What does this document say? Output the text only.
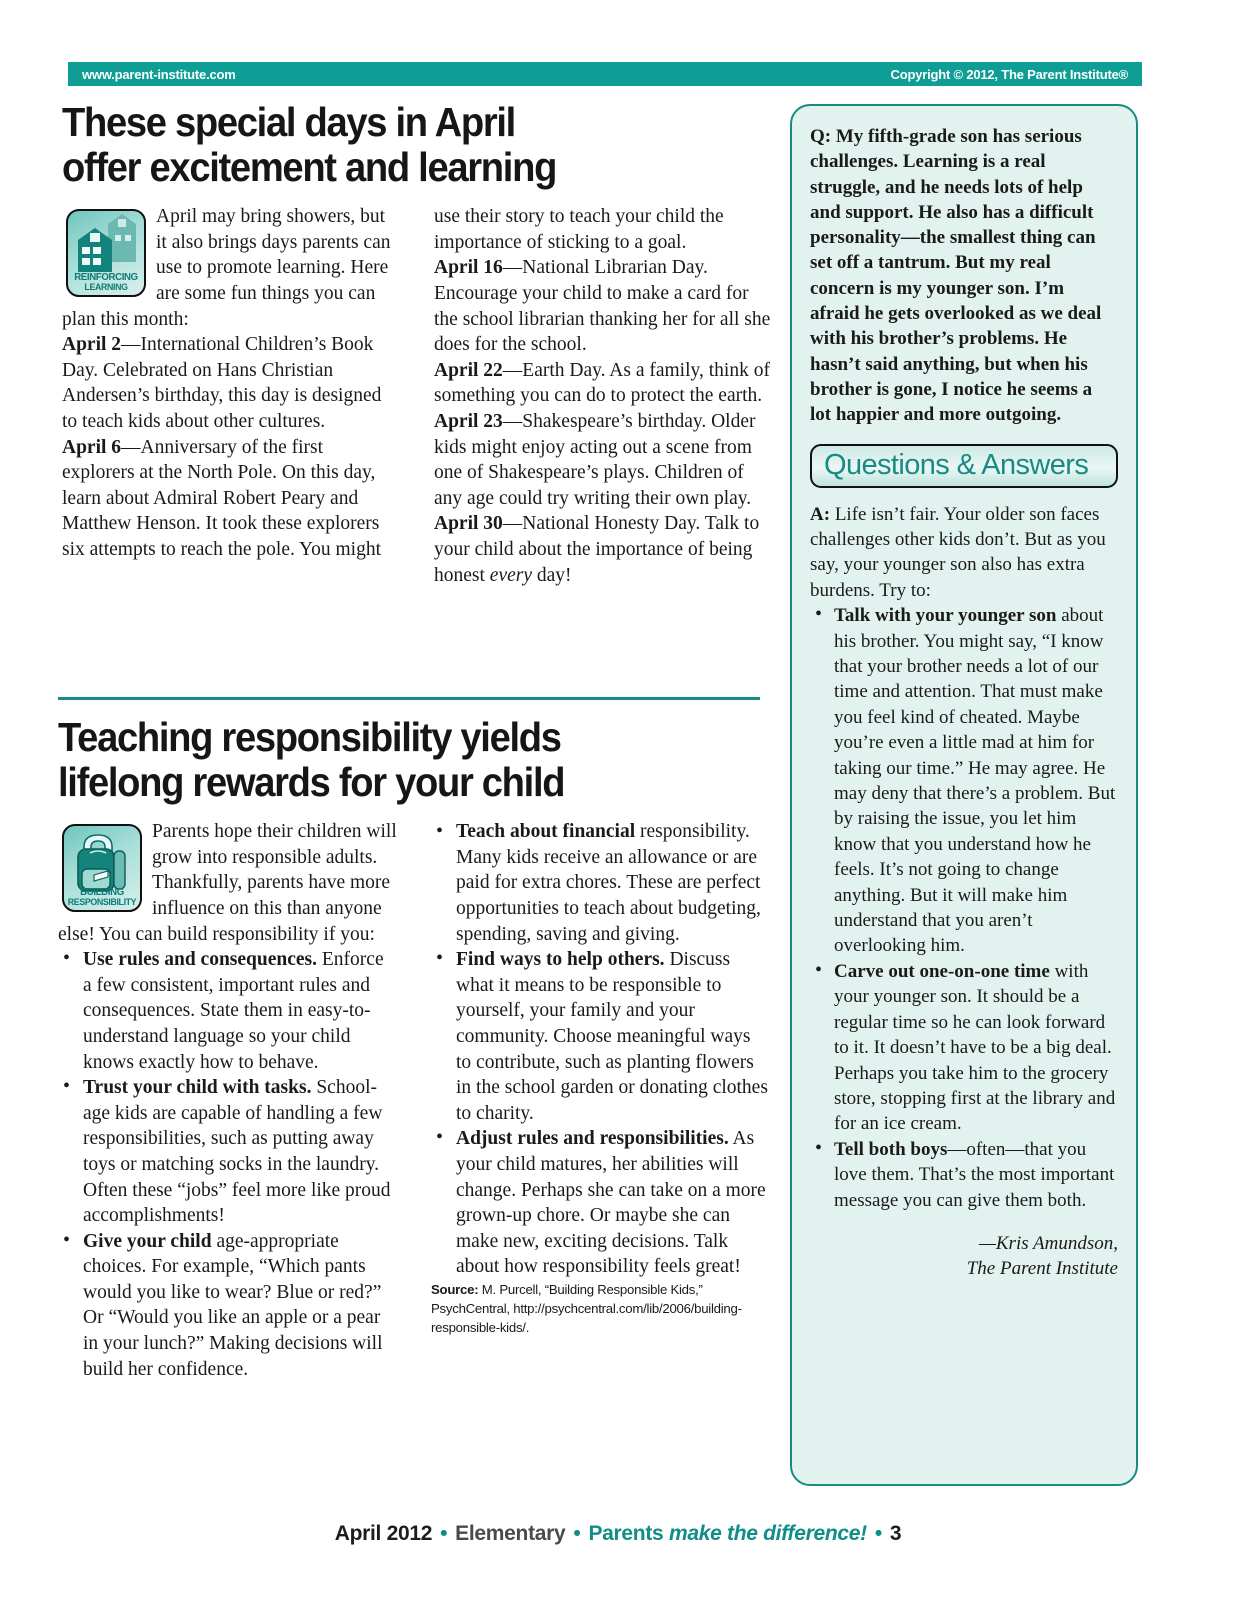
www.parent-institute.com	Copyright © 2012, The Parent Institute®
These special days in April
offer excitement and learning
REINFORCING
LEARNING

April may bring showers, but it also brings days parents can use to promote learning. Here are some fun things you can plan this month:

April 2—International Children’s Book Day. Celebrated on Hans Christian Andersen’s birthday, this day is designed to teach kids about other cultures.

April 6—Anniversary of the first explorers at the North Pole. On this day, learn about Admiral Robert Peary and Matthew Henson. It took these explorers six attempts to reach the pole. You might use their story to teach your child the importance of sticking to a goal.

April 16—National Librarian Day. Encourage your child to make a card for the school librarian thanking her for all she does for the school.

April 22—Earth Day. As a family, think of something you can do to protect the earth.

April 23—Shakespeare’s birthday. Older kids might enjoy acting out a scene from one of Shakespeare’s plays. Children of any age could try writing their own play.

April 30—National Honesty Day. Talk to your child about the importance of being honest every day!

Teaching responsibility yields
lifelong rewards for your child
BUILDING
RESPONSIBILITY

Parents hope their children will grow into responsible adults. Thankfully, parents have more influence on this than anyone else! You can build responsibility if you:

• Use rules and consequences. Enforce a few consistent, important rules and consequences. State them in easy-to-understand language so your child knows exactly how to behave.
• Trust your child with tasks. School-age kids are capable of handling a few responsibilities, such as putting away toys or matching socks in the laundry. Often these “jobs” feel more like proud accomplishments!
• Give your child age-appropriate choices. For example, “Which pants would you like to wear? Blue or red?” Or “Would you like an apple or a pear in your lunch?” Making decisions will build her confidence.
• Teach about financial responsibility. Many kids receive an allowance or are paid for extra chores. These are perfect opportunities to teach about budgeting, spending, saving and giving.
• Find ways to help others. Discuss what it means to be responsible to yourself, your family and your community. Choose meaningful ways to contribute, such as planting flowers in the school garden or donating clothes to charity.
• Adjust rules and responsibilities. As your child matures, her abilities will change. Perhaps she can take on a more grown-up chore. Or maybe she can make new, exciting decisions. Talk about how responsibility feels great!

Source: M. Purcell, “Building Responsible Kids,” PsychCentral, http://psychcentral.com/lib/2006/building-responsible-kids/.

Q: My fifth-grade son has serious challenges. Learning is a real struggle, and he needs lots of help and support. He also has a difficult personality—the smallest thing can set off a tantrum. But my real concern is my younger son. I’m afraid he gets overlooked as we deal with his brother’s problems. He hasn’t said anything, but when his brother is gone, I notice he seems a lot happier and more outgoing.

Questions & Answers

A: Life isn’t fair. Your older son faces challenges other kids don’t. But as you say, your younger son also has extra burdens. Try to:

• Talk with your younger son about his brother. You might say, “I know that your brother needs a lot of our time and attention. That must make you feel kind of cheated. Maybe you’re even a little mad at him for taking our time.” He may agree. He may deny that there’s a problem. But by raising the issue, you let him know that you understand how he feels. It’s not going to change anything. But it will make him understand that you aren’t overlooking him.
• Carve out one-on-one time with your younger son. It should be a regular time so he can look forward to it. It doesn’t have to be a big deal. Perhaps you take him to the grocery store, stopping first at the library and for an ice cream.
• Tell both boys—often—that you love them. That’s the most important message you can give them both.
—Kris Amundson,
The Parent Institute
April 2012 • Elementary • Parents make the difference! • 3
